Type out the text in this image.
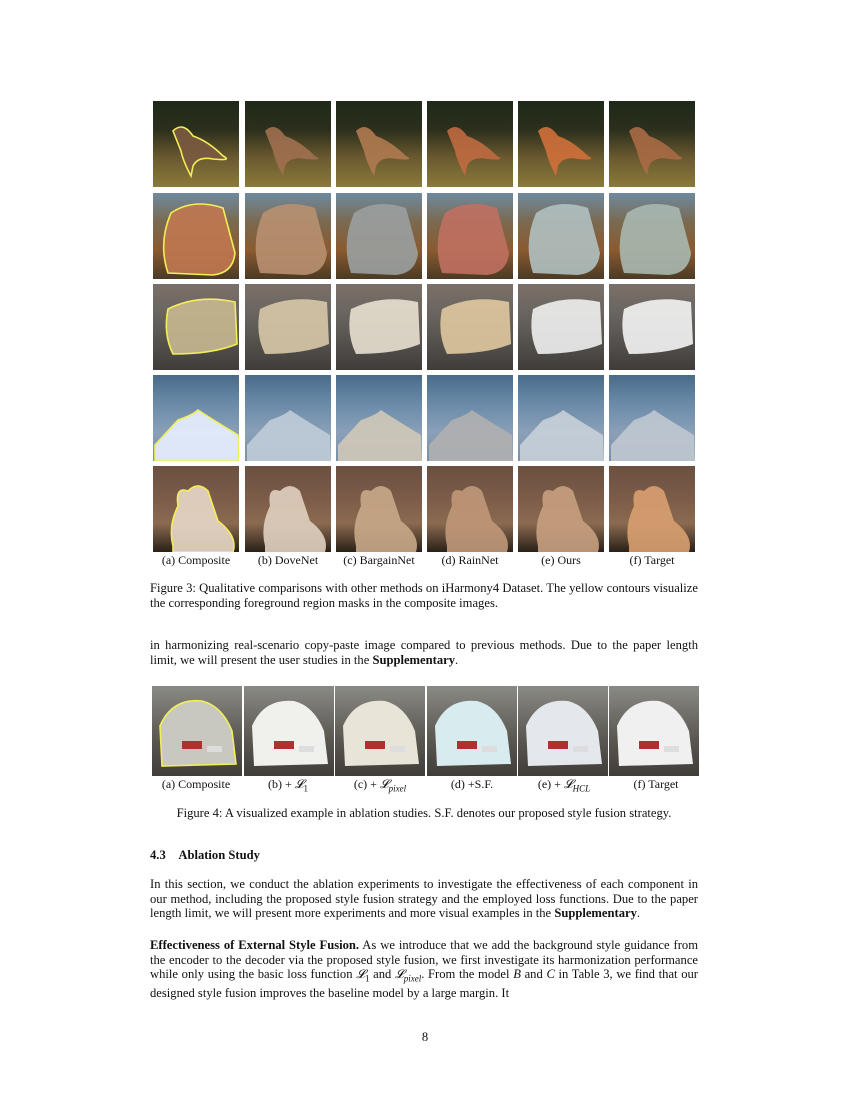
(a) Composite	(b) DoveNet	(c) BargainNet	(d) RainNet	(e) Ours	(f) Target
Figure 3: Qualitative comparisons with other methods on iHarmony4 Dataset. The yellow contours visualize the corresponding foreground region masks in the composite images.
in harmonizing real-scenario copy-paste image compared to previous methods. Due to the paper length limit, we will present the user studies in the Supplementary.
(a) Composite	(b) + 𝓛$_1$	(c) + 𝓛$_{pixel}$	(d) +S.F.	(e) + 𝓛$_{HCL}$	(f) Target
Figure 4: A visualized example in ablation studies. S.F. denotes our proposed style fusion strategy.
4.3 Ablation Study
In this section, we conduct the ablation experiments to investigate the effectiveness of each component in our method, including the proposed style fusion strategy and the employed loss functions. Due to the paper length limit, we will present more experiments and more visual examples in the Supplementary.
Effectiveness of External Style Fusion. As we introduce that we add the background style guidance from the encoder to the decoder via the proposed style fusion, we first investigate its harmonization performance while only using the basic loss function 𝓛$_1$ and 𝓛$_{pixel}$. From the model B and C in Table 3, we find that our designed style fusion improves the baseline model by a large margin. It
8
